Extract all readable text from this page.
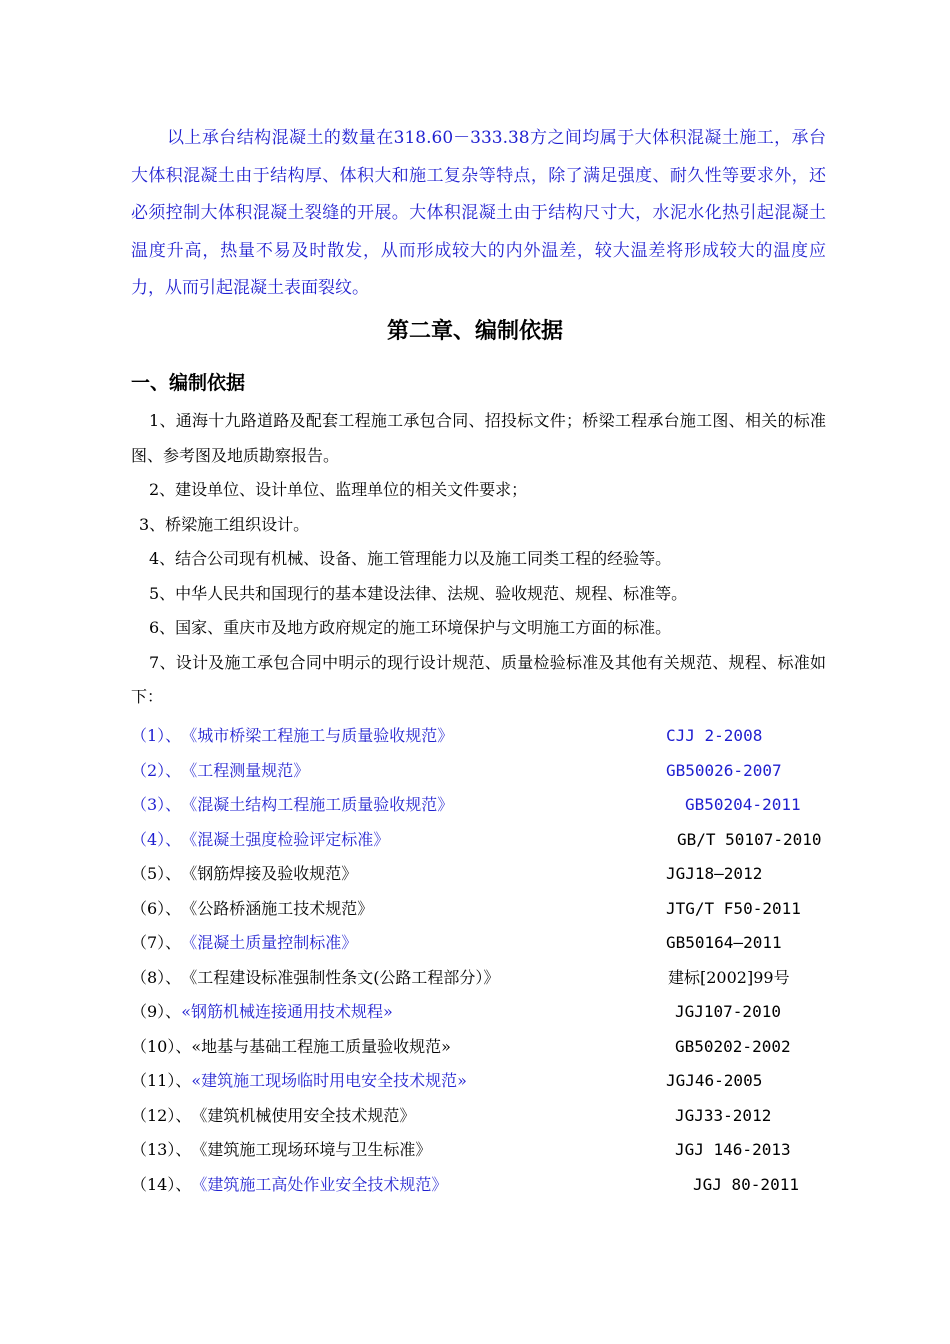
以上承台结构混凝土的数量在318.60－333.38方之间均属于大体积混凝土施工，承台大体积混凝土由于结构厚、体积大和施工复杂等特点，除了满足强度、耐久性等要求外，还必须控制大体积混凝土裂缝的开展。大体积混凝土由于结构尺寸大，水泥水化热引起混凝土温度升高，热量不易及时散发，从而形成较大的内外温差，较大温差将形成较大的温度应力，从而引起混凝土表面裂纹。

第二章、编制依据
一、编制依据
1、通海十九路道路及配套工程施工承包合同、招投标文件；桥梁工程承台施工图、相关的标准图、参考图及地质勘察报告。
2、建设单位、设计单位、监理单位的相关文件要求；
3、桥梁施工组织设计。
4、结合公司现有机械、设备、施工管理能力以及施工同类工程的经验等。
5、中华人民共和国现行的基本建设法律、法规、验收规范、规程、标准等。
6、国家、重庆市及地方政府规定的施工环境保护与文明施工方面的标准。
7、设计及施工承包合同中明示的现行设计规范、质量检验标准及其他有关规范、规程、标准如下：
（1）、《城市桥梁工程施工与质量验收规范》	CJJ 2-2008
（2）、《工程测量规范》	GB50026-2007
（3）、《混凝土结构工程施工质量验收规范》	GB50204-2011
（4）、《混凝土强度检验评定标准》	GB/T 50107-2010
（5）、《钢筋焊接及验收规范》	JGJ18—2012
（6）、《公路桥涵施工技术规范》	JTG/T F50-2011
（7）、《混凝土质量控制标准》	GB50164—2011
（8）、《工程建设标准强制性条文(公路工程部分）》	建标[2002]99号
（9）、«钢筋机械连接通用技术规程»	JGJ107-2010
（10）、«地基与基础工程施工质量验收规范»	GB50202-2002
（11）、«建筑施工现场临时用电安全技术规范»	JGJ46-2005
（12）、《建筑机械使用安全技术规范》	JGJ33-2012
（13）、《建筑施工现场环境与卫生标准》	JGJ 146-2013
（14）、《建筑施工高处作业安全技术规范》	JGJ 80-2011
